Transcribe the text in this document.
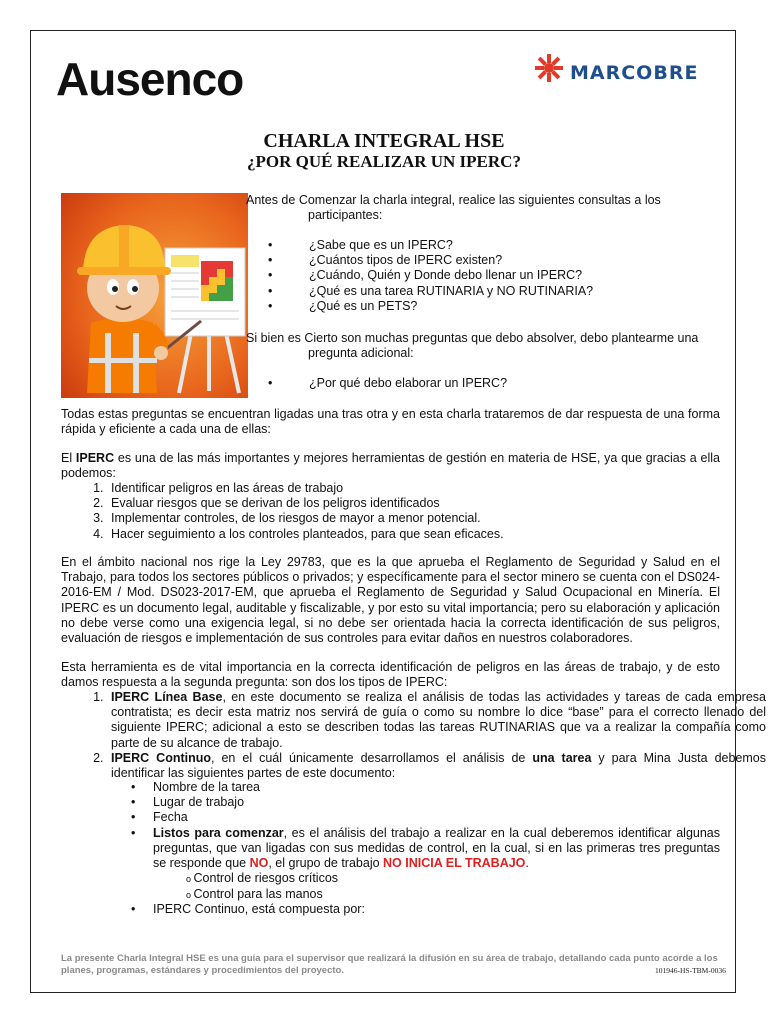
Ausenco	MARCOBRE
CHARLA INTEGRAL HSE
¿POR QUÉ REALIZAR UN IPERC?
Antes de Comenzar la charla integral, realice las siguientes consultas a los
participantes:
•	¿Sabe que es un IPERC?
•	¿Cuántos tipos de IPERC existen?
•	¿Cuándo, Quién y Donde debo llenar un IPERC?
•	¿Qué es una tarea RUTINARIA y NO RUTINARIA?
•	¿Qué es un PETS?
Si bien es Cierto son muchas preguntas que debo absolver, debo plantearme una
pregunta adicional:
•	¿Por qué debo elaborar un IPERC?
Todas estas preguntas se encuentran ligadas una tras otra y en esta charla trataremos de dar respuesta de una forma rápida y eficiente a cada una de ellas:
El IPERC es una de las más importantes y mejores herramientas de gestión en materia de HSE, ya que gracias a ella podemos:
1. Identificar peligros en las áreas de trabajo
2. Evaluar riesgos que se derivan de los peligros identificados
3. Implementar controles, de los riesgos de mayor a menor potencial.
4. Hacer seguimiento a los controles planteados, para que sean eficaces.
En el ámbito nacional nos rige la Ley 29783, que es la que aprueba el Reglamento de Seguridad y Salud en el Trabajo, para todos los sectores públicos o privados; y específicamente para el sector minero se cuenta con el DS024-2016-EM / Mod. DS023-2017-EM, que aprueba el Reglamento de Seguridad y Salud Ocupacional en Minería. El IPERC es un documento legal, auditable y fiscalizable, y por esto su vital importancia; pero su elaboración y aplicación no debe verse como una exigencia legal, si no debe ser orientada hacia la correcta identificación de sus peligros, evaluación de riesgos e implementación de sus controles para evitar daños en nuestros colaboradores.
Esta herramienta es de vital importancia en la correcta identificación de peligros en las áreas de trabajo, y de esto damos respuesta a la segunda pregunta: son dos los tipos de IPERC:
1. IPERC Línea Base, en este documento se realiza el análisis de todas las actividades y tareas de cada empresa contratista; es decir esta matriz nos servirá de guía o como su nombre lo dice “base” para el correcto llenado del siguiente IPERC; adicional a esto se describen todas las tareas RUTINARIAS que va a realizar la compañía como parte de su alcance de trabajo.
2. IPERC Continuo, en el cuál únicamente desarrollamos el análisis de una tarea y para Mina Justa debemos identificar las siguientes partes de este documento:
•	Nombre de la tarea
•	Lugar de trabajo
•	Fecha
•	Listos para comenzar, es el análisis del trabajo a realizar en la cual deberemos identificar algunas preguntas, que van ligadas con sus medidas de control, en la cual, si en las primeras tres preguntas se responde que NO, el grupo de trabajo NO INICIA EL TRABAJO.
o Control de riesgos críticos
o Control para las manos
•	IPERC Continuo, está compuesta por:
La presente Charla Integral HSE es una guía para el supervisor que realizará la difusión en su área de trabajo, detallando cada punto acorde a los planes, programas, estándares y procedimientos del proyecto.	101946-HS-TBM-0036
